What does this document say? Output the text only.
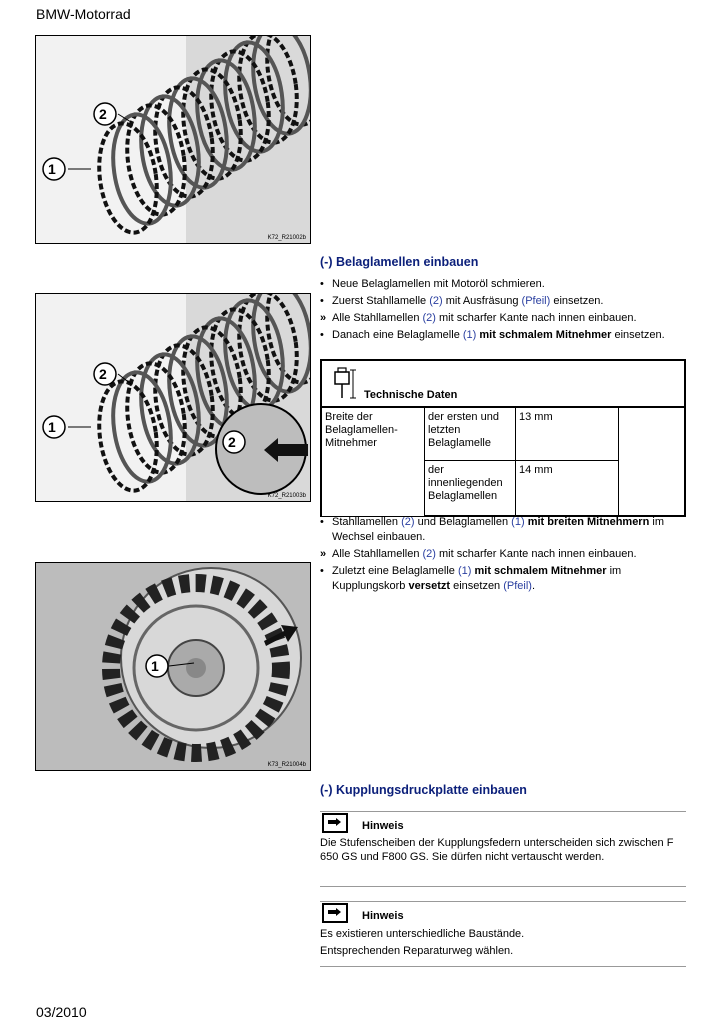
BMW-Motorrad
2
1
K72_R21002b
2
1
2
K72_R21003b
1
K73_R21004b
(-) Belaglamellen einbauen
• Neue Belaglamellen mit Motoröl schmieren.
• Zuerst Stahllamelle (2) mit Ausfräsung (Pfeil) einsetzen.
» Alle Stahllamellen (2) mit scharfer Kante nach innen einbauen.
• Danach eine Belaglamelle (1) mit schmalem Mitnehmer einsetzen.
Technische Daten
Breite der Belaglamellen-Mitnehmer	der ersten und letzten Belaglamelle	13 mm	
	der innenliegenden Belaglamellen	14 mm	
• Stahllamellen (2) und Belaglamellen (1) mit breiten Mitnehmern im Wechsel einbauen.
» Alle Stahllamellen (2) mit scharfer Kante nach innen einbauen.
• Zuletzt eine Belaglamelle (1) mit schmalem Mitnehmer im Kupplungskorb versetzt einsetzen (Pfeil).
(-) Kupplungsdruckplatte einbauen
Hinweis
Die Stufenscheiben der Kupplungsfedern unterscheiden sich zwischen F 650 GS und F800 GS. Sie dürfen nicht vertauscht werden.
Hinweis
Es existieren unterschiedliche Baustände.
Entsprechenden Reparaturweg wählen.
03/2010
